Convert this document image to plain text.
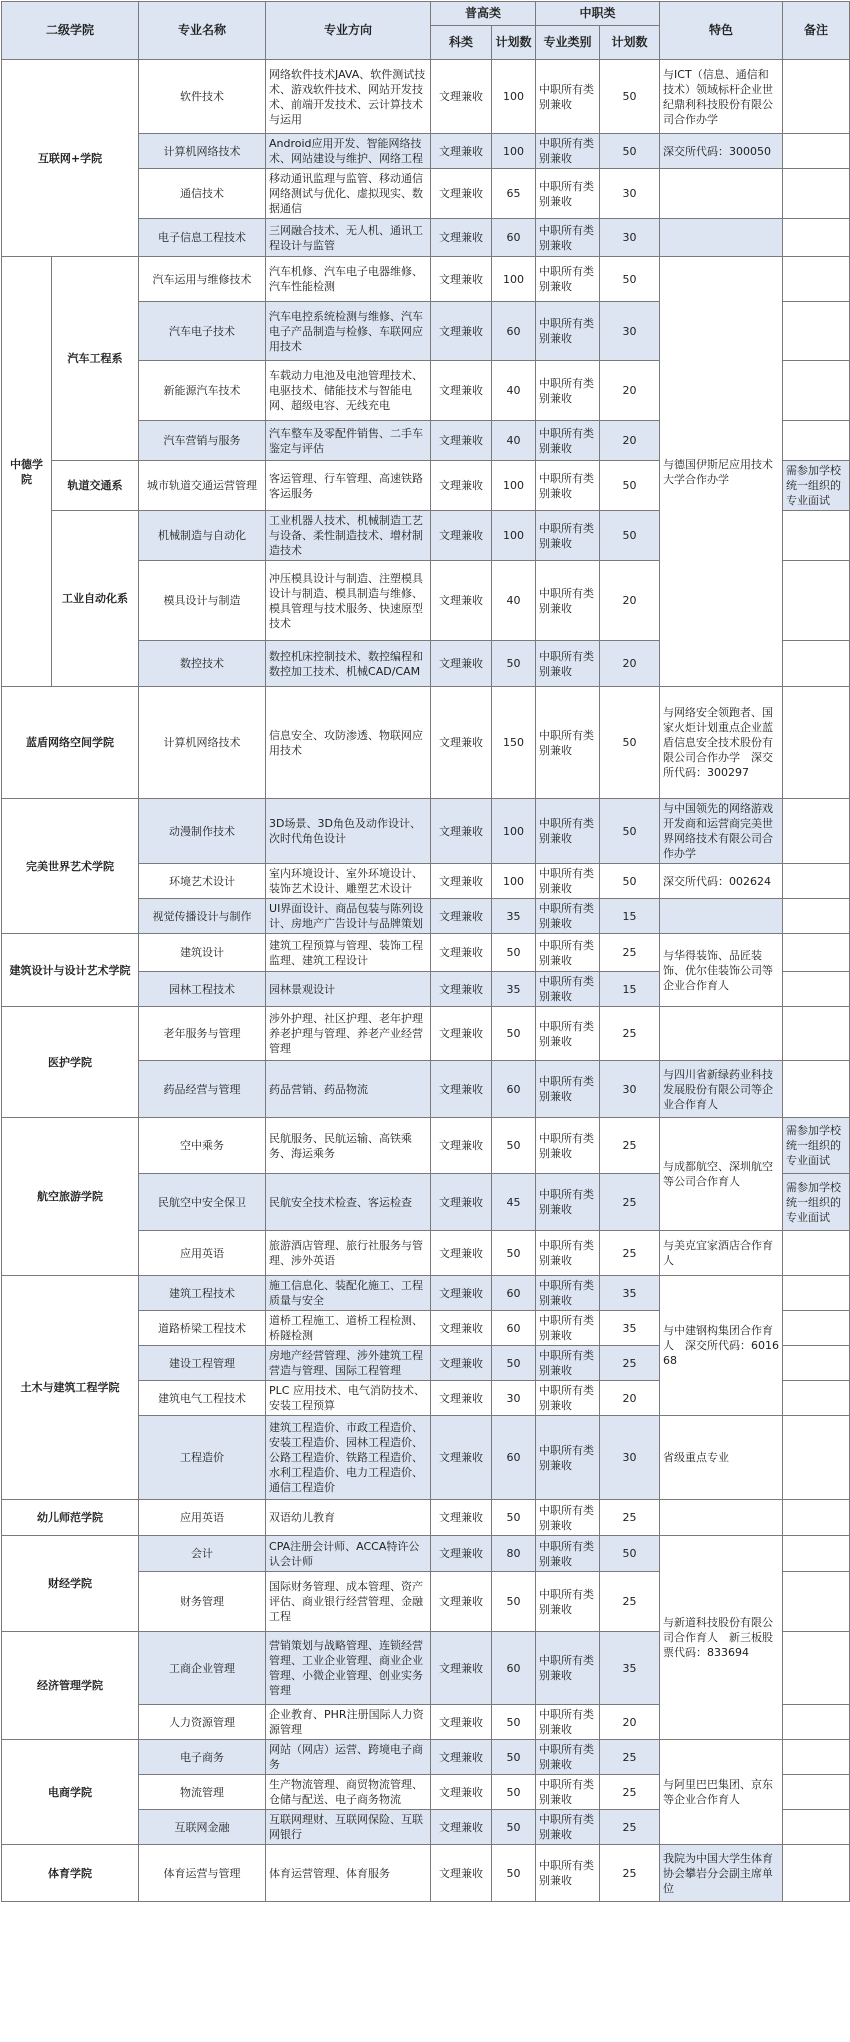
二级学院		专业名称	专业方向	普高类		中职类		特色	备注
				科类	计划数	专业类别	计划数		
互联网+学院		软件技术	网络软件技术JAVA、软件测试技术、游戏软件技术、网站开发技术、前端开发技术、云计算技术与运用	文理兼收	100	中职所有类别兼收	50	与ICT（信息、通信和技术）领域标杆企业世纪鼎利科技股份有限公司合作办学	
		计算机网络技术	Android应用开发、智能网络技术、网站建设与维护、网络工程	文理兼收	100	中职所有类别兼收	50	深交所代码：300050	
		通信技术	移动通讯监理与监管、移动通信网络测试与优化、虚拟现实、数据通信	文理兼收	65	中职所有类别兼收	30		
		电子信息工程技术	三网融合技术、无人机、通讯工程设计与监管	文理兼收	60	中职所有类别兼收	30		
中德学院	汽车工程系	汽车运用与维修技术	汽车机修、汽车电子电器维修、汽车性能检测	文理兼收	100	中职所有类别兼收	50	与德国伊斯尼应用技术大学合作办学	
		汽车电子技术	汽车电控系统检测与维修、汽车电子产品制造与检修、车联网应用技术	文理兼收	60	中职所有类别兼收	30		
		新能源汽车技术	车载动力电池及电池管理技术、电驱技术、储能技术与智能电网、超级电容、无线充电	文理兼收	40	中职所有类别兼收	20		
		汽车营销与服务	汽车整车及零配件销售、二手车鉴定与评估	文理兼收	40	中职所有类别兼收	20		
	轨道交通系	城市轨道交通运营管理	客运管理、行车管理、高速铁路客运服务	文理兼收	100	中职所有类别兼收	50		需参加学校统一组织的专业面试
	工业自动化系	机械制造与自动化	工业机器人技术、机械制造工艺与设备、柔性制造技术、增材制造技术	文理兼收	100	中职所有类别兼收	50		
		模具设计与制造	冲压模具设计与制造、注塑模具设计与制造、模具制造与维修、模具管理与技术服务、快速原型技术	文理兼收	40	中职所有类别兼收	20		
		数控技术	数控机床控制技术、数控编程和数控加工技术、机械CAD/CAM	文理兼收	50	中职所有类别兼收	20		
蓝盾网络空间学院		计算机网络技术	信息安全、攻防渗透、物联网应用技术	文理兼收	150	中职所有类别兼收	50	与网络安全领跑者、国家火炬计划重点企业蓝盾信息安全技术股份有限公司合作办学　深交所代码：300297	
完美世界艺术学院		动漫制作技术	3D场景、3D角色及动作设计、次时代角色设计	文理兼收	100	中职所有类别兼收	50	与中国领先的网络游戏开发商和运营商完美世界网络技术有限公司合作办学	
		环境艺术设计	室内环境设计、室外环境设计、装饰艺术设计、雕塑艺术设计	文理兼收	100	中职所有类别兼收	50	深交所代码：002624	
		视觉传播设计与制作	UI界面设计、商品包装与陈列设计、房地产广告设计与品牌策划	文理兼收	35	中职所有类别兼收	15		
建筑设计与设计艺术学院		建筑设计	建筑工程预算与管理、装饰工程监理、建筑工程设计	文理兼收	50	中职所有类别兼收	25	与华得装饰、品匠装饰、优尔佳装饰公司等企业合作育人	
		园林工程技术	园林景观设计	文理兼收	35	中职所有类别兼收	15		
医护学院		老年服务与管理	涉外护理、社区护理、老年护理养老护理与管理、养老产业经营管理	文理兼收	50	中职所有类别兼收	25		
		药品经营与管理	药品营销、药品物流	文理兼收	60	中职所有类别兼收	30	与四川省新绿药业科技发展股份有限公司等企业合作育人	
航空旅游学院		空中乘务	民航服务、民航运输、高铁乘务、海运乘务	文理兼收	50	中职所有类别兼收	25	与成都航空、深圳航空等公司合作育人	需参加学校统一组织的专业面试
		民航空中安全保卫	民航安全技术检查、客运检查	文理兼收	45	中职所有类别兼收	25		需参加学校统一组织的专业面试
		应用英语	旅游酒店管理、旅行社服务与管理、涉外英语	文理兼收	50	中职所有类别兼收	25	与美克宜家酒店合作育人	
土木与建筑工程学院		建筑工程技术	施工信息化、装配化施工、工程质量与安全	文理兼收	60	中职所有类别兼收	35	与中建钢构集团合作育人　深交所代码：601668	
		道路桥梁工程技术	道桥工程施工、道桥工程检测、桥隧检测	文理兼收	60	中职所有类别兼收	35		
		建设工程管理	房地产经营管理、涉外建筑工程营造与管理、国际工程管理	文理兼收	50	中职所有类别兼收	25		
		建筑电气工程技术	PLC 应用技术、电气消防技术、安装工程预算	文理兼收	30	中职所有类别兼收	20		
		工程造价	建筑工程造价、市政工程造价、安装工程造价、园林工程造价、公路工程造价、铁路工程造价、水利工程造价、电力工程造价、通信工程造价	文理兼收	60	中职所有类别兼收	30	省级重点专业	
幼儿师范学院		应用英语	双语幼儿教育	文理兼收	50	中职所有类别兼收	25		
财经学院		会计	CPA注册会计师、ACCA特许公认会计师	文理兼收	80	中职所有类别兼收	50	与新道科技股份有限公司合作育人　新三板股票代码：833694	
		财务管理	国际财务管理、成本管理、资产评估、商业银行经营管理、金融工程	文理兼收	50	中职所有类别兼收	25		
经济管理学院		工商企业管理	营销策划与战略管理、连锁经营管理、工业企业管理、商业企业管理、小微企业管理、创业实务管理	文理兼收	60	中职所有类别兼收	35		
		人力资源管理	企业教育、PHR注册国际人力资源管理	文理兼收	50	中职所有类别兼收	20		
电商学院		电子商务	网站（网店）运营、跨境电子商务	文理兼收	50	中职所有类别兼收	25	与阿里巴巴集团、京东等企业合作育人	
		物流管理	生产物流管理、商贸物流管理、仓储与配送、电子商务物流	文理兼收	50	中职所有类别兼收	25		
		互联网金融	互联网理财、互联网保险、互联网银行	文理兼收	50	中职所有类别兼收	25		
体育学院		体育运营与管理	体育运营管理、体育服务	文理兼收	50	中职所有类别兼收	25	我院为中国大学生体育协会攀岩分会副主席单位	
